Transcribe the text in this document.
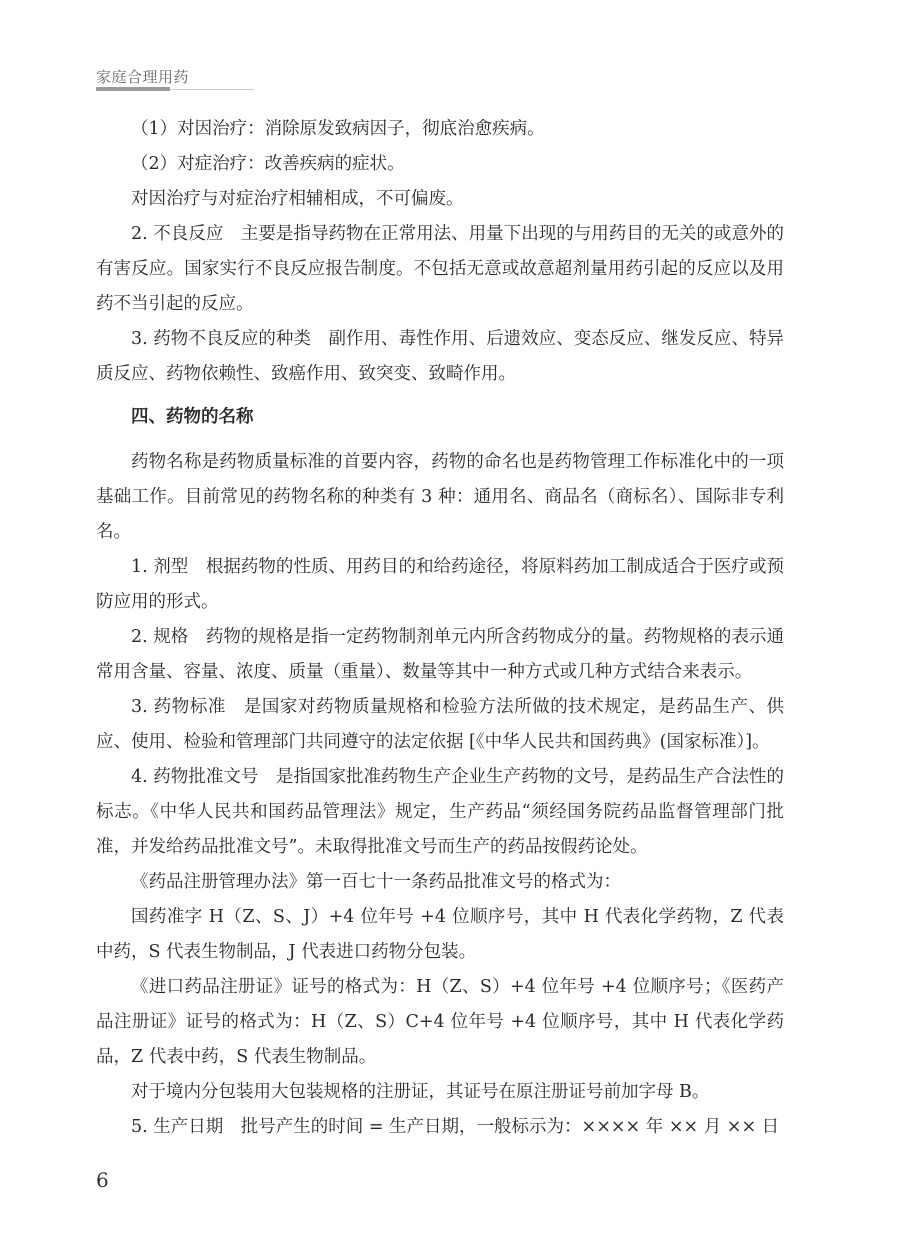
家庭合理用药

（1）对因治疗：消除原发致病因子，彻底治愈疾病。

（2）对症治疗：改善疾病的症状。

对因治疗与对症治疗相辅相成，不可偏废。

2. 不良反应　主要是指导药物在正常用法、用量下出现的与用药目的无关的或意外的有害反应。国家实行不良反应报告制度。不包括无意或故意超剂量用药引起的反应以及用药不当引起的反应。

3. 药物不良反应的种类　副作用、毒性作用、后遗效应、变态反应、继发反应、特异质反应、药物依赖性、致癌作用、致突变、致畸作用。

四、药物的名称

药物名称是药物质量标准的首要内容，药物的命名也是药物管理工作标准化中的一项基础工作。目前常见的药物名称的种类有 3 种：通用名、商品名（商标名）、国际非专利名。

1. 剂型　根据药物的性质、用药目的和给药途径，将原料药加工制成适合于医疗或预防应用的形式。

2. 规格　药物的规格是指一定药物制剂单元内所含药物成分的量。药物规格的表示通常用含量、容量、浓度、质量（重量）、数量等其中一种方式或几种方式结合来表示。

3. 药物标准　是国家对药物质量规格和检验方法所做的技术规定，是药品生产、供应、使用、检验和管理部门共同遵守的法定依据 [《中华人民共和国药典》(国家标准）]。

4. 药物批准文号　是指国家批准药物生产企业生产药物的文号，是药品生产合法性的标志。《中华人民共和国药品管理法》规定，生产药品“须经国务院药品监督管理部门批准，并发给药品批准文号”。未取得批准文号而生产的药品按假药论处。

《药品注册管理办法》第一百七十一条药品批准文号的格式为：

国药准字 H（Z、S、J）+4 位年号 +4 位顺序号，其中 H 代表化学药物，Z 代表中药，S 代表生物制品，J 代表进口药物分包装。

《进口药品注册证》证号的格式为：H（Z、S）+4 位年号 +4 位顺序号；《医药产品注册证》证号的格式为：H（Z、S）C+4 位年号 +4 位顺序号，其中 H 代表化学药品，Z 代表中药，S 代表生物制品。

对于境内分包装用大包装规格的注册证，其证号在原注册证号前加字母 B。

5. 生产日期　批号产生的时间 = 生产日期，一般标示为：×××× 年 ×× 月 ×× 日

6
